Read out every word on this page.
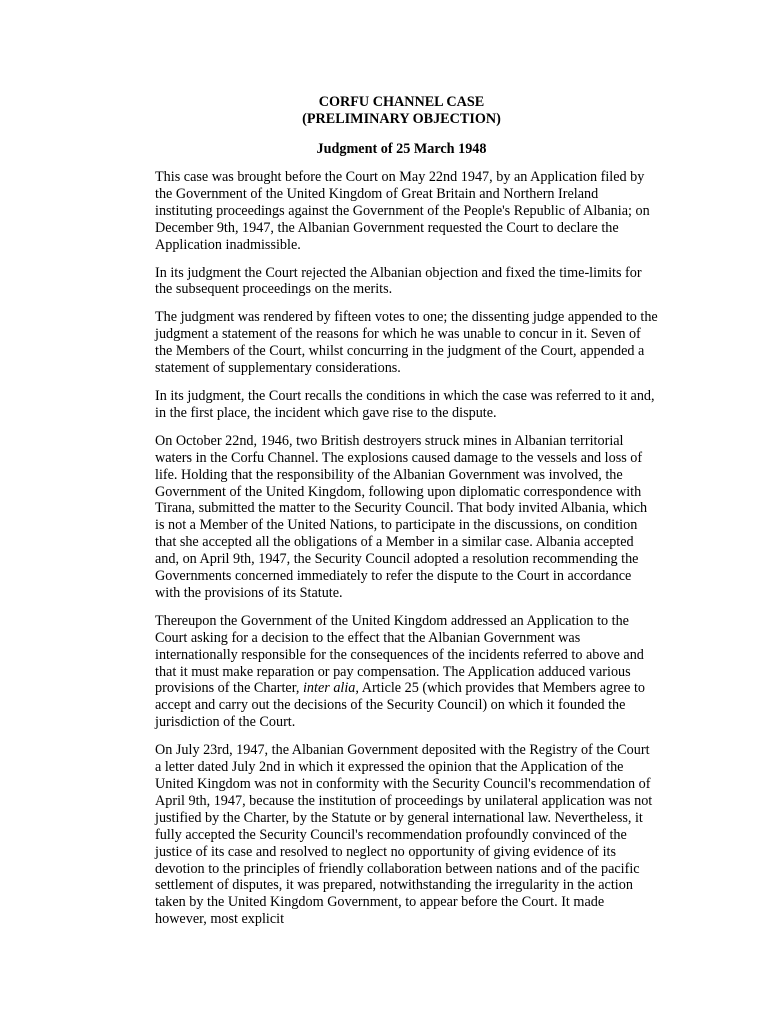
CORFU CHANNEL CASE
(PRELIMINARY OBJECTION)
Judgment of 25 March 1948

This case was brought before the Court on May 22nd 1947, by an Application filed by the Government of the United Kingdom of Great Britain and Northern Ireland instituting proceedings against the Government of the People's Republic of Albania; on December 9th, 1947, the Albanian Government requested the Court to declare the Application inadmissible.

In its judgment the Court rejected the Albanian objection and fixed the time-limits for the subsequent proceedings on the merits.

The judgment was rendered by fifteen votes to one; the dissenting judge appended to the judgment a statement of the reasons for which he was unable to concur in it. Seven of the Members of the Court, whilst concurring in the judgment of the Court, appended a statement of supplementary considerations.

In its judgment, the Court recalls the conditions in which the case was referred to it and, in the first place, the incident which gave rise to the dispute.

On October 22nd, 1946, two British destroyers struck mines in Albanian territorial waters in the Corfu Channel. The explosions caused damage to the vessels and loss of life. Holding that the responsibility of the Albanian Government was involved, the Government of the United Kingdom, following upon diplomatic correspondence with Tirana, submitted the matter to the Security Council. That body invited Albania, which is not a Member of the United Nations, to participate in the discussions, on condition that she accepted all the obligations of a Member in a similar case. Albania accepted and, on April 9th, 1947, the Security Council adopted a resolution recommending the Governments concerned immediately to refer the dispute to the Court in accordance with the provisions of its Statute.

Thereupon the Government of the United Kingdom addressed an Application to the Court asking for a decision to the effect that the Albanian Government was internationally responsible for the consequences of the incidents referred to above and that it must make reparation or pay compensation. The Application adduced various provisions of the Charter, inter alia, Article 25 (which provides that Members agree to accept and carry out the decisions of the Security Council) on which it founded the jurisdiction of the Court.

On July 23rd, 1947, the Albanian Government deposited with the Registry of the Court a letter dated July 2nd in which it expressed the opinion that the Application of the United Kingdom was not in conformity with the Security Council's recommendation of April 9th, 1947, because the institution of proceedings by unilateral application was not justified by the Charter, by the Statute or by general international law. Nevertheless, it fully accepted the Security Council's recommendation profoundly convinced of the justice of its case and resolved to neglect no opportunity of giving evidence of its devotion to the principles of friendly collaboration between nations and of the pacific settlement of disputes, it was prepared, notwithstanding the irregularity in the action taken by the United Kingdom Government, to appear before the Court. It made however, most explicit
